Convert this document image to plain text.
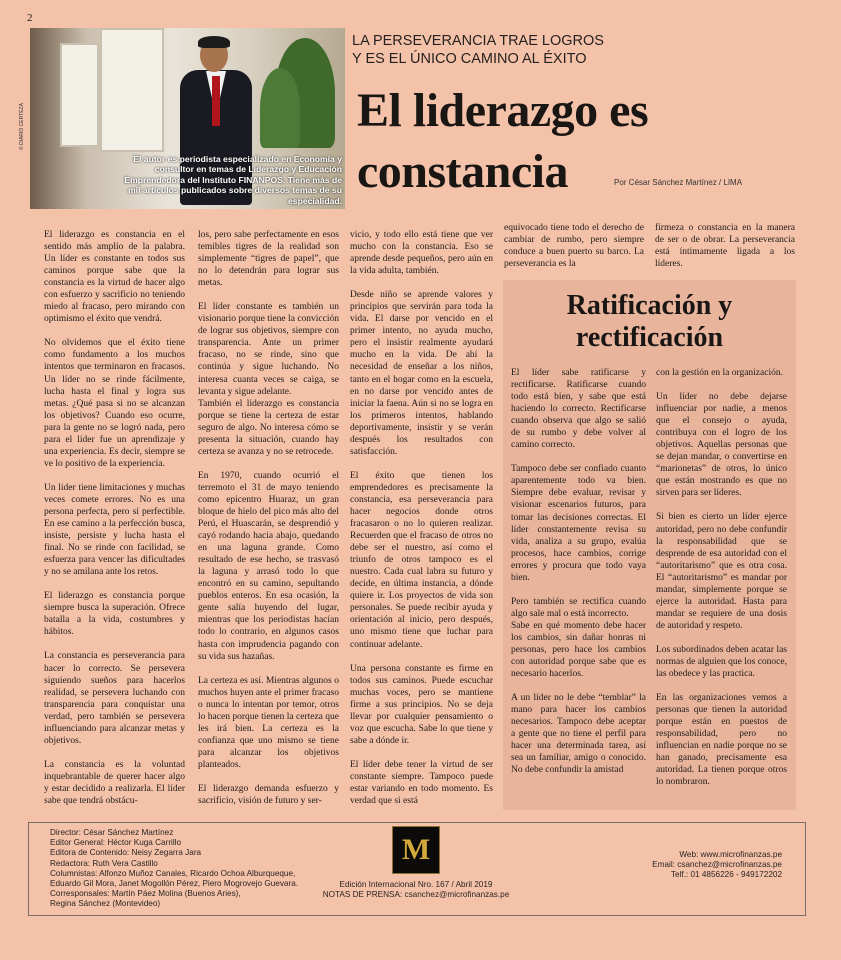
2
© DIARIO CERTEZA
El autor es periodista especializado en Economía y consultor en temas de Liderazgo y Educación Emprendedora del Instituto FINANPOS. Tiene más de mil artículos publicados sobre diversos temas de su especialidad.
LA PERSEVERANCIA TRAE LOGROS
Y ES EL ÚNICO CAMINO AL ÉXITO
El liderazgo es constancia	Por César Sánchez Martínez / LIMA

El liderazgo es constancia en el sentido más amplio de la palabra. Un líder es constante en todos sus caminos porque sabe que la constancia es la virtud de hacer algo con esfuerzo y sacrificio no teniendo miedo al fracaso, pero mirando con optimismo el éxito que vendrá.

No olvidemos que el éxito tiene como fundamento a los muchos intentos que terminaron en fracasos. Un líder no se rinde fácilmente, lucha hasta el final y logra sus metas. ¿Qué pasa si no se alcanzan los objetivos? Cuando eso ocurre, para la gente no se logró nada, pero para el líder fue un aprendizaje y una experiencia. Es decir, siempre se ve lo positivo de la experiencia.

Un líder tiene limitaciones y muchas veces comete errores. No es una persona perfecta, pero sí perfectible. En ese camino a la perfección busca, insiste, persiste y lucha hasta el final. No se rinde con facilidad, se esfuerza para vencer las dificultades y no se amilana ante los retos.

El liderazgo es constancia porque siempre busca la superación. Ofrece batalla a la vida, costumbres y hábitos.

La constancia es perseverancia para hacer lo correcto. Se persevera siguiendo sueños para hacerlos realidad, se persevera luchando con transparencia para conquistar una verdad, pero también se persevera influenciando para alcanzar metas y objetivos.

La constancia es la voluntad inquebrantable de querer hacer algo y estar decidido a realizarla. El líder sabe que tendrá obstácu-

los, pero sabe perfectamente en esos temibles tigres de la realidad son simplemente “tigres de papel”, que no lo detendrán para lograr sus metas.

El líder constante es también un visionario porque tiene la convicción de lograr sus objetivos, siempre con transparencia. Ante un primer fracaso, no se rinde, sino que continúa y sigue luchando. No interesa cuanta veces se caiga, se levanta y sigue adelante.
También el liderazgo es constancia porque se tiene la certeza de estar seguro de algo. No interesa cómo se presenta la situación, cuando hay certeza se avanza y no se retrocede.

En 1970, cuando ocurrió el terremoto el 31 de mayo teniendo como epicentro Huaraz, un gran bloque de hielo del pico más alto del Perú, el Huascarán, se desprendió y cayó rodando hacia abajo, quedando en una laguna grande. Como resultado de ese hecho, se trasvasó la laguna y arrasó todo lo que encontró en su camino, sepultando pueblos enteros. En esa ocasión, la gente salía huyendo del lugar, mientras que los periodistas hacían todo lo contrario, en algunos casos hasta con imprudencia pagando con su vida sus hazañas.

La certeza es así. Mientras algunos o muchos huyen ante el primer fracaso o nunca lo intentan por temor, otros lo hacen porque tienen la certeza que les irá bien. La certeza es la confianza que uno mismo se tiene para alcanzar los objetivos planteados.

El liderazgo demanda esfuerzo y sacrificio, visión de futuro y ser-

vicio, y todo ello está tiene que ver mucho con la constancia. Eso se aprende desde pequeños, pero aún en la vida adulta, también.

Desde niño se aprende valores y principios que servirán para toda la vida. El darse por vencido en el primer intento, no ayuda mucho, pero el insistir realmente ayudará mucho en la vida. De ahí la necesidad de enseñar a los niños, tanto en el hogar como en la escuela, en no darse por vencido antes de iniciar la faena. Aún si no se logra en los primeros intentos, hablando deportivamente, insistir y se verán después los resultados con satisfacción.

El éxito que tienen los emprendedores es precisamente la constancia, esa perseverancia para hacer negocios donde otros fracasaron o no lo quieren realizar. Recuerden que el fracaso de otros no debe ser el nuestro, así como el triunfo de otros tampoco es el nuestro. Cada cual labra su futuro y decide, en última instancia, a dónde quiere ir. Los proyectos de vida son personales. Se puede recibir ayuda y orientación al inicio, pero después, uno mismo tiene que luchar para continuar adelante.

Una persona constante es firme en todos sus caminos. Puede escuchar muchas voces, pero se mantiene firme a sus principios. No se deja llevar por cualquier pensamiento o voz que escucha. Sabe lo que tiene y sabe a dónde ir.

El líder debe tener la virtud de ser constante siempre. Tampoco puede estar variando en todo momento. Es verdad que si está

equivocado tiene todo el derecho de cambiar de rumbo, pero siempre conduce a buen puerto su barco. La perseverancia es la

firmeza o constancia en la manera de ser o de obrar. La perseverancia está íntimamente ligada a los líderes.

Ratificación y rectificación

El líder sabe ratificarse y rectificarse. Ratificarse cuando todo está bien, y sabe que está haciendo lo correcto. Rectificarse cuando observa que algo se salió de su rumbo y debe volver al camino correcto.

Tampoco debe ser confiado cuanto aparentemente todo va bien. Siempre debe evaluar, revisar y visionar escenarios futuros, para tomar las decisiones correctas. El líder constantemente revisa su vida, analiza a su grupo, evalúa procesos, hace cambios, corrige errores y procura que todo vaya bien.

Pero también se rectifica cuando algo sale mal o está incorrecto.
Sabe en qué momento debe hacer los cambios, sin dañar honras ni personas, pero hace los cambios con autoridad porque sabe que es necesario hacerlos.

A un líder no le debe “temblar” la mano para hacer los cambios necesarios. Tampoco debe aceptar a gente que no tiene el perfil para hacer una determinada tarea, así sea un familiar, amigo o conocido. No debe confundir la amistad

con la gestión en la organización.

Un líder no debe dejarse influenciar por nadie, a menos que el consejo o ayuda, contribuya con el logro de los objetivos. Aquellas personas que se dejan mandar, o convertirse en “marionetas” de otros, lo único que están mostrando es que no sirven para ser líderes.

Si bien es cierto un líder ejerce autoridad, pero no debe confundir la responsabilidad que se desprende de esa autoridad con el “autoritarismo” que es otra cosa. El “autoritarismo” es mandar por mandar, simplemente porque se ejerce la autoridad. Hasta para mandar se requiere de una dosis de autoridad y respeto.

Los subordinados deben acatar las normas de alguien que los conoce, las obedece y las practica.

En las organizaciones vemos a personas que tienen la autoridad porque están en puestos de responsabilidad, pero no influencian en nadie porque no se han ganado, precisamente esa autoridad. La tienen porque otros lo nombraron.

Director: César Sánchez Martínez
Editor General: Héctor Kuga Carrillo
Editora de Contenido: Neisy Zegarra Jara
Redactora: Ruth Vera Castillo
Columnistas: Alfonzo Muñoz Canales, Ricardo Ochoa Alburqueque,
Eduardo Gil Mora, Janet Mogollón Pérez, Piero Mogrovejo Guevara.
Corresponsales: Martín Páez Molina (Buenos Aries),
Regina Sánchez (Montevideo)
M
Edición Internacional Nro. 167 / Abril 2019
NOTAS DE PRENSA: csanchez@microfinanzas.pe
Web: www.microfinanzas.pe
Email: csanchez@microfinanzas.pe
Telf.: 01 4856226 - 949172202
